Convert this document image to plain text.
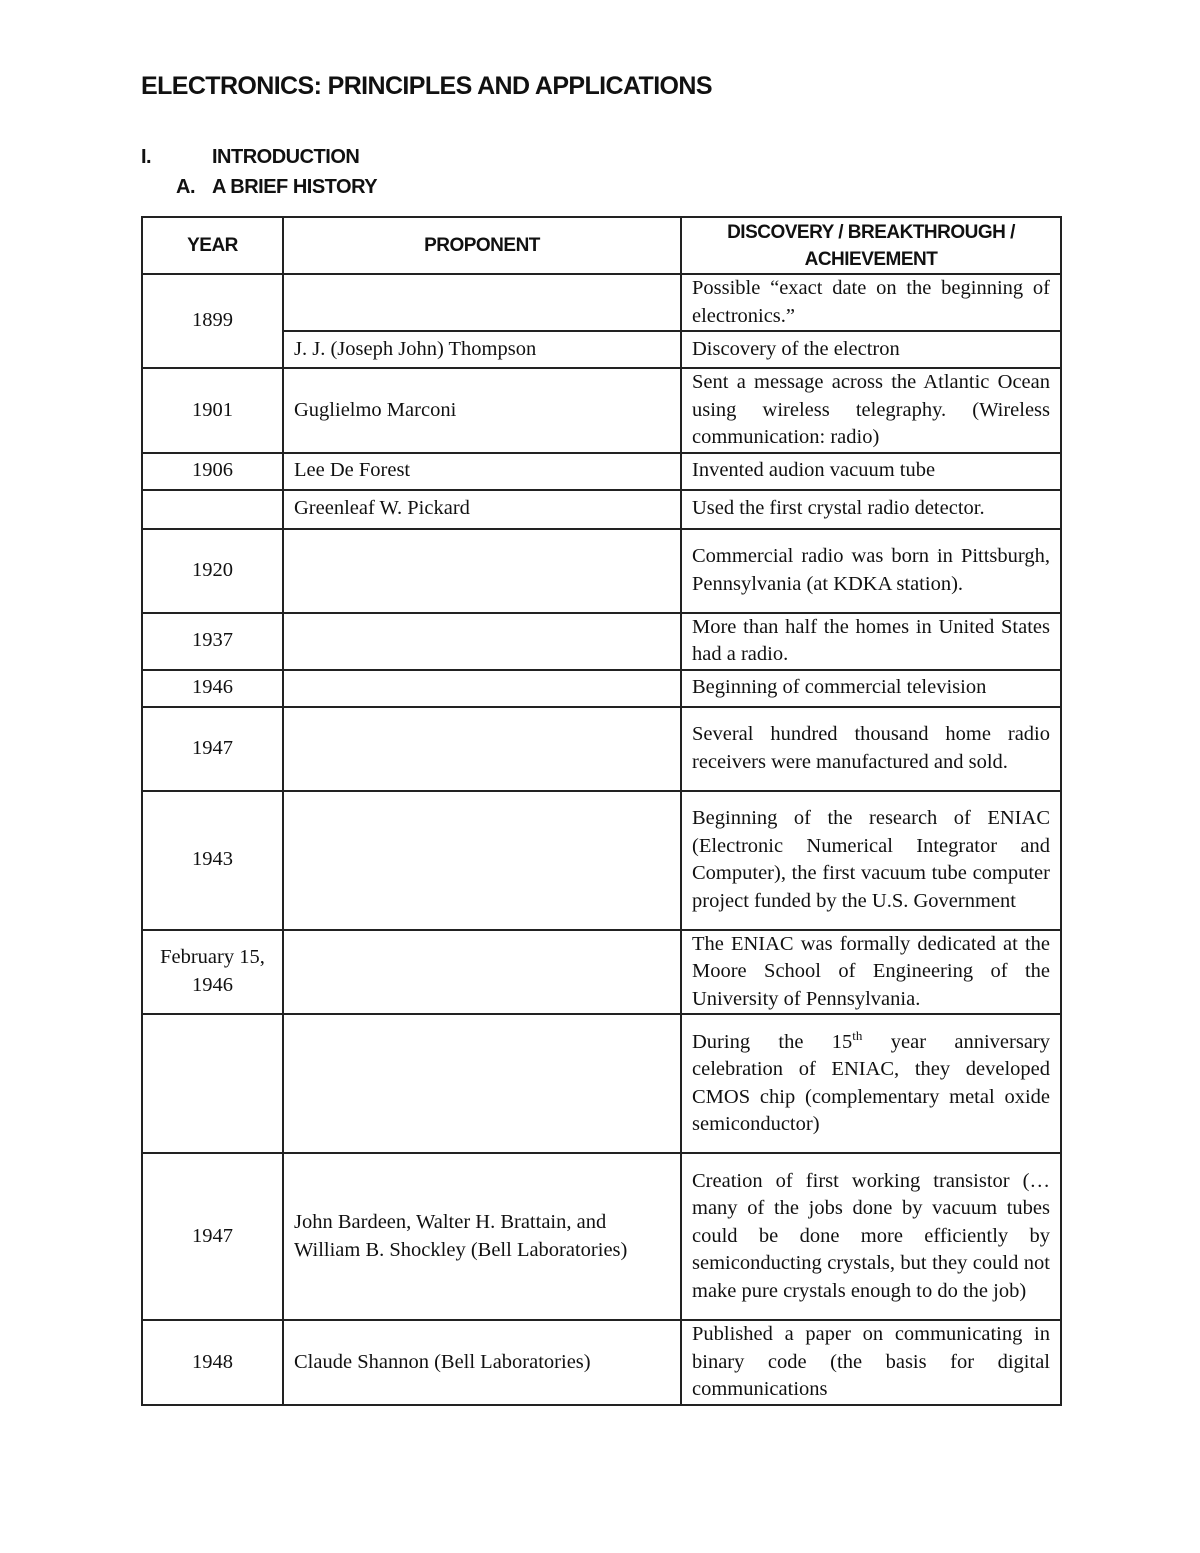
ELECTRONICS: PRINCIPLES AND APPLICATIONS
I.	INTRODUCTION
A. A BRIEF HISTORY
YEAR	PROPONENT	DISCOVERY / BREAKTHROUGH / ACHIEVEMENT
1899		Possible “exact date on the beginning of electronics.”
	J. J. (Joseph John) Thompson	Discovery of the electron
1901	Guglielmo Marconi	Sent a message across the Atlantic Ocean using wireless telegraphy. (Wireless communication: radio)
1906	Lee De Forest	Invented audion vacuum tube
	Greenleaf W. Pickard	Used the first crystal radio detector.
1920		Commercial radio was born in Pittsburgh, Pennsylvania (at KDKA station).
1937		More than half the homes in United States had a radio.
1946		Beginning of commercial television
1947		Several hundred thousand home radio receivers were manufactured and sold.
1943		Beginning of the research of ENIAC (Electronic Numerical Integrator and Computer), the first vacuum tube computer project funded by the U.S. Government
February 15, 1946		The ENIAC was formally dedicated at the Moore School of Engineering of the University of Pennsylvania.
		During the 15th year anniversary celebration of ENIAC, they developed CMOS chip (complementary metal oxide semiconductor)
1947	John Bardeen, Walter H. Brattain, and William B. Shockley (Bell Laboratories)	Creation of first working transistor (…many of the jobs done by vacuum tubes could be done more efficiently by semiconducting crystals, but they could not make pure crystals enough to do the job)
1948	Claude Shannon (Bell Laboratories)	Published a paper on communicating in binary code (the basis for digital communications
